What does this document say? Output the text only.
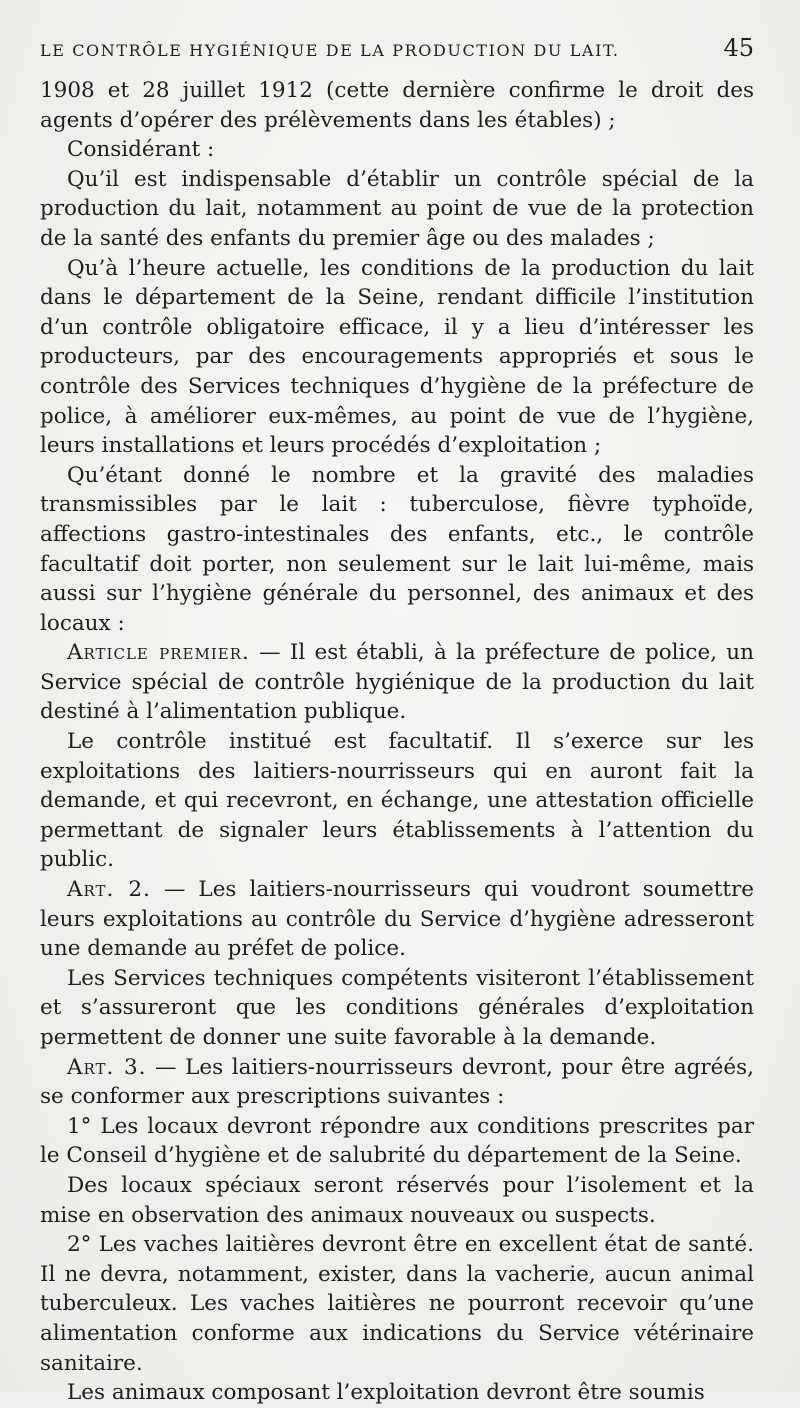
LE CONTRÔLE HYGIÉNIQUE DE LA PRODUCTION DU LAIT.	45

1908 et 28 juillet 1912 (cette dernière confirme le droit des agents d’opérer des prélèvements dans les étables) ;

Considérant :

Qu’il est indispensable d’établir un contrôle spécial de la production du lait, notamment au point de vue de la protection de la santé des enfants du premier âge ou des malades ;

Qu’à l’heure actuelle, les conditions de la production du lait dans le département de la Seine, rendant difficile l’institution d’un contrôle obligatoire efficace, il y a lieu d’intéresser les producteurs, par des encouragements appropriés et sous le contrôle des Services techniques d’hygiène de la préfecture de police, à améliorer eux-mêmes, au point de vue de l’hygiène, leurs installations et leurs procédés d’exploitation ;

Qu’étant donné le nombre et la gravité des maladies transmissibles par le lait : tuberculose, fièvre typhoïde, affections gastro-intestinales des enfants, etc., le contrôle facultatif doit porter, non seulement sur le lait lui-même, mais aussi sur l’hygiène générale du personnel, des animaux et des locaux :

Article premier. — Il est établi, à la préfecture de police, un Service spécial de contrôle hygiénique de la production du lait destiné à l’alimentation publique.

Le contrôle institué est facultatif. Il s’exerce sur les exploitations des laitiers-nourrisseurs qui en auront fait la demande, et qui recevront, en échange, une attestation officielle permettant de signaler leurs établissements à l’attention du public.

Art. 2. — Les laitiers-nourrisseurs qui voudront soumettre leurs exploitations au contrôle du Service d’hygiène adresseront une demande au préfet de police.

Les Services techniques compétents visiteront l’établissement et s’assureront que les conditions générales d’exploitation permettent de donner une suite favorable à la demande.

Art. 3. — Les laitiers-nourrisseurs devront, pour être agréés, se conformer aux prescriptions suivantes :

1° Les locaux devront répondre aux conditions prescrites par le Conseil d’hygiène et de salubrité du département de la Seine.

Des locaux spéciaux seront réservés pour l’isolement et la mise en observation des animaux nouveaux ou suspects.

2° Les vaches laitières devront être en excellent état de santé. Il ne devra, notamment, exister, dans la vacherie, aucun animal tuberculeux. Les vaches laitières ne pourront recevoir qu’une alimentation conforme aux indications du Service vétérinaire sanitaire.

Les animaux composant l’exploitation devront être soumis
